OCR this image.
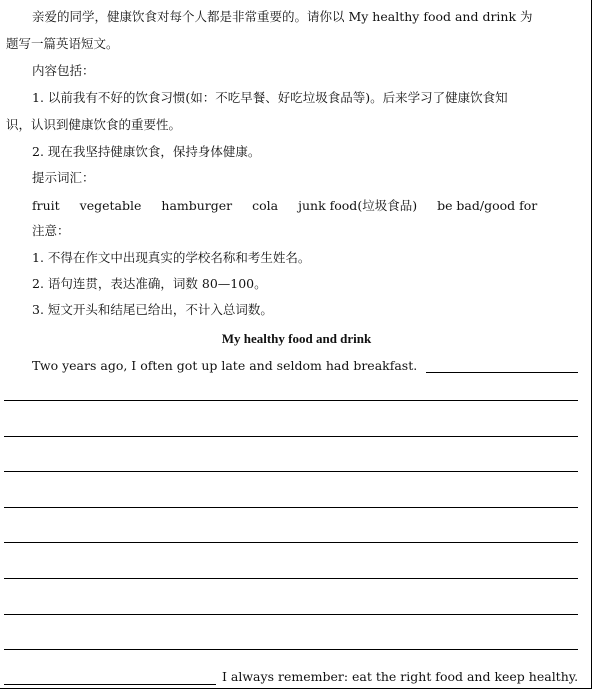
亲爱的同学，健康饮食对每个人都是非常重要的。请你以 My healthy food and drink 为
题写一篇英语短文。
内容包括：
1. 以前我有不好的饮食习惯(如：不吃早餐、好吃垃圾食品等)。后来学习了健康饮食知
识，认识到健康饮食的重要性。
2. 现在我坚持健康饮食，保持身体健康。
提示词汇：
fruit vegetable hamburger cola junk food(垃圾食品) be bad/good for
注意：
1. 不得在作文中出现真实的学校名称和考生姓名。
2. 语句连贯，表达准确，词数 80—100。
3. 短文开头和结尾已给出，不计入总词数。
My healthy food and drink
Two years ago, I often got up late and seldom had breakfast.
I always remember: eat the right food and keep healthy.
